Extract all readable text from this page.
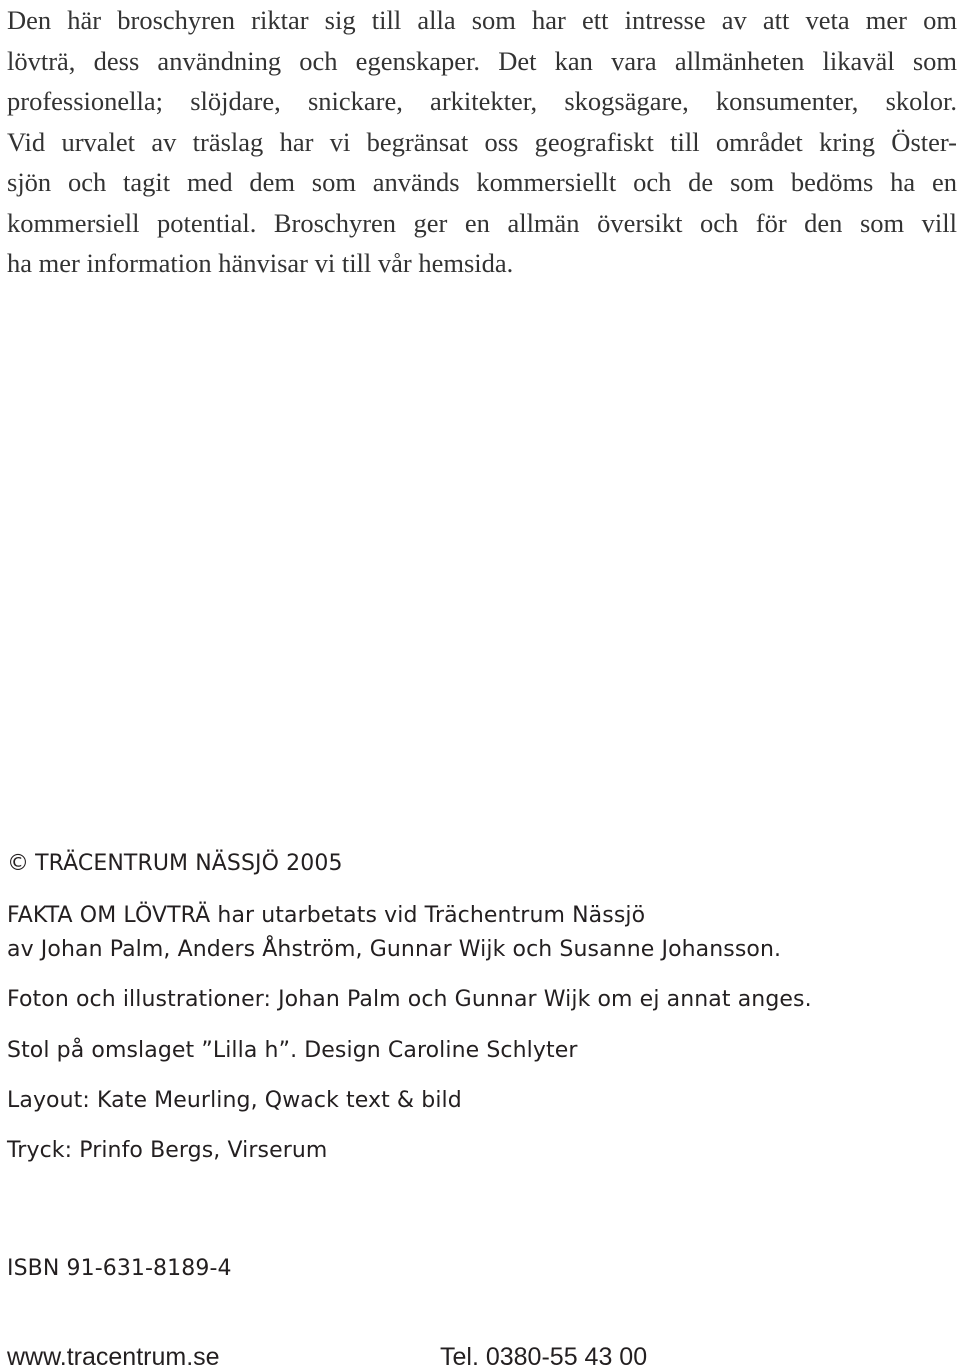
Den här broschyren riktar sig till alla som har ett intresse av att veta mer om
lövträ, dess användning och egenskaper. Det kan vara allmänheten likaväl som
professionella; slöjdare, snickare, arkitekter, skogsägare, konsumenter, skolor.
Vid urvalet av träslag har vi begränsat oss geografiskt till området kring Öster-
sjön och tagit med dem som används kommersiellt och de som bedöms ha en
kommersiell potential. Broschyren ger en allmän översikt och för den som vill
ha mer information hänvisar vi till vår hemsida.
© TRÄCENTRUM NÄSSJÖ 2005
FAKTA OM LÖVTRÄ har utarbetats vid Trächentrum Nässjö
av Johan Palm, Anders Åhström, Gunnar Wijk och Susanne Johansson.
Foton och illustrationer: Johan Palm och Gunnar Wijk om ej annat anges.
Stol på omslaget ”Lilla h”. Design Caroline Schlyter
Layout: Kate Meurling, Qwack text & bild
Tryck: Prinfo Bergs, Virserum
ISBN 91-631-8189-4
www.tracentrum.se	Tel. 0380-55 43 00
